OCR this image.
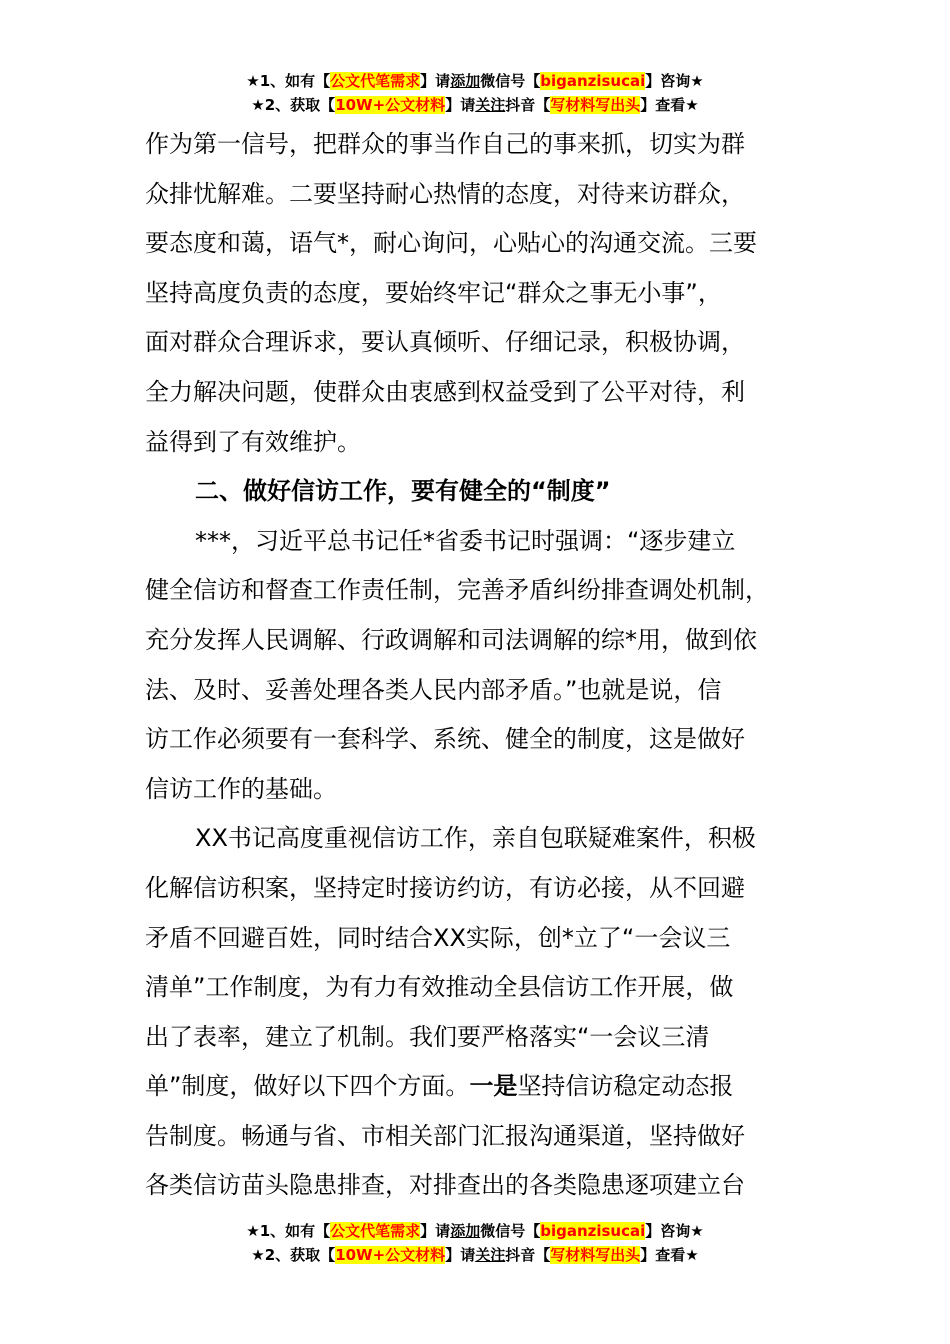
★1、如有【公文代笔需求】请添加微信号【biganzisucai】咨询★
★2、获取【10W+公文材料】请关注抖音【写材料写出头】查看★
作为第一信号，把群众的事当作自己的事来抓，切实为群
众排忧解难。二要坚持耐心热情的态度，对待来访群众，
要态度和蔼，语气*，耐心询问，心贴心的沟通交流。三要
坚持高度负责的态度，要始终牢记“群众之事无小事”，
面对群众合理诉求，要认真倾听、仔细记录，积极协调，
全力解决问题，使群众由衷感到权益受到了公平对待，利
益得到了有效维护。
二、做好信访工作，要有健全的“制度”
***，习近平总书记任*省委书记时强调：“逐步建立
健全信访和督查工作责任制，完善矛盾纠纷排查调处机制，
充分发挥人民调解、行政调解和司法调解的综*用，做到依
法、及时、妥善处理各类人民内部矛盾。”也就是说，信
访工作必须要有一套科学、系统、健全的制度，这是做好
信访工作的基础。
XX书记高度重视信访工作，亲自包联疑难案件，积极
化解信访积案，坚持定时接访约访，有访必接，从不回避
矛盾不回避百姓，同时结合XX实际，创*立了“一会议三
清单”工作制度，为有力有效推动全县信访工作开展，做
出了表率，建立了机制。我们要严格落实“一会议三清
单”制度，做好以下四个方面。一是坚持信访稳定动态报
告制度。畅通与省、市相关部门汇报沟通渠道，坚持做好
各类信访苗头隐患排查，对排查出的各类隐患逐项建立台
★1、如有【公文代笔需求】请添加微信号【biganzisucai】咨询★
★2、获取【10W+公文材料】请关注抖音【写材料写出头】查看★
